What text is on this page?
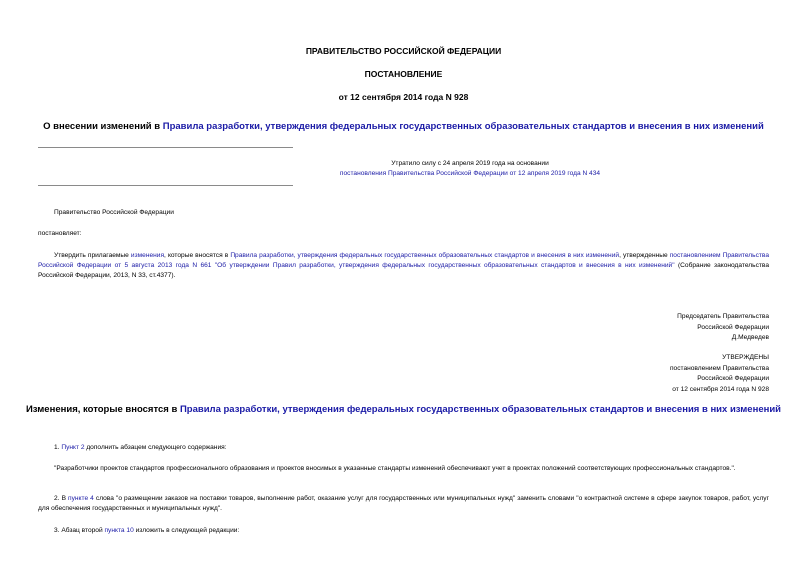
ПРАВИТЕЛЬСТВО РОССИЙСКОЙ ФЕДЕРАЦИИ
ПОСТАНОВЛЕНИЕ
от 12 сентября 2014 года N 928
О внесении изменений в Правила разработки, утверждения федеральных государственных образовательных стандартов и внесения в них изменений
Утратило силу с 24 апреля 2019 года на основании
постановления Правительства Российской Федерации от 12 апреля 2019 года N 434
Правительство Российской Федерации
постановляет:
Утвердить прилагаемые изменения, которые вносятся в Правила разработки, утверждения федеральных государственных образовательных стандартов и внесения в них изменений, утвержденные постановлением Правительства Российской Федерации от 5 августа 2013 года N 661 "Об утверждении Правил разработки, утверждения федеральных государственных образовательных стандартов и внесения в них изменений" (Собрание законодательства Российской Федерации, 2013, N 33, ст.4377).
Председатель Правительства
Российской Федерации
Д.Медведев
УТВЕРЖДЕНЫ
постановлением Правительства
Российской Федерации
от 12 сентября 2014 года N 928
Изменения, которые вносятся в Правила разработки, утверждения федеральных государственных образовательных стандартов и внесения в них изменений
1. Пункт 2 дополнить абзацем следующего содержания:
"Разработчики проектов стандартов профессионального образования и проектов вносимых в указанные стандарты изменений обеспечивают учет в проектах положений соответствующих профессиональных стандартов.".
2. В пункте 4 слова "о размещении заказов на поставки товаров, выполнение работ, оказание услуг для государственных или муниципальных нужд" заменить словами "о контрактной системе в сфере закупок товаров, работ, услуг для обеспечения государственных и муниципальных нужд".
3. Абзац второй пункта 10 изложить в следующей редакции:
